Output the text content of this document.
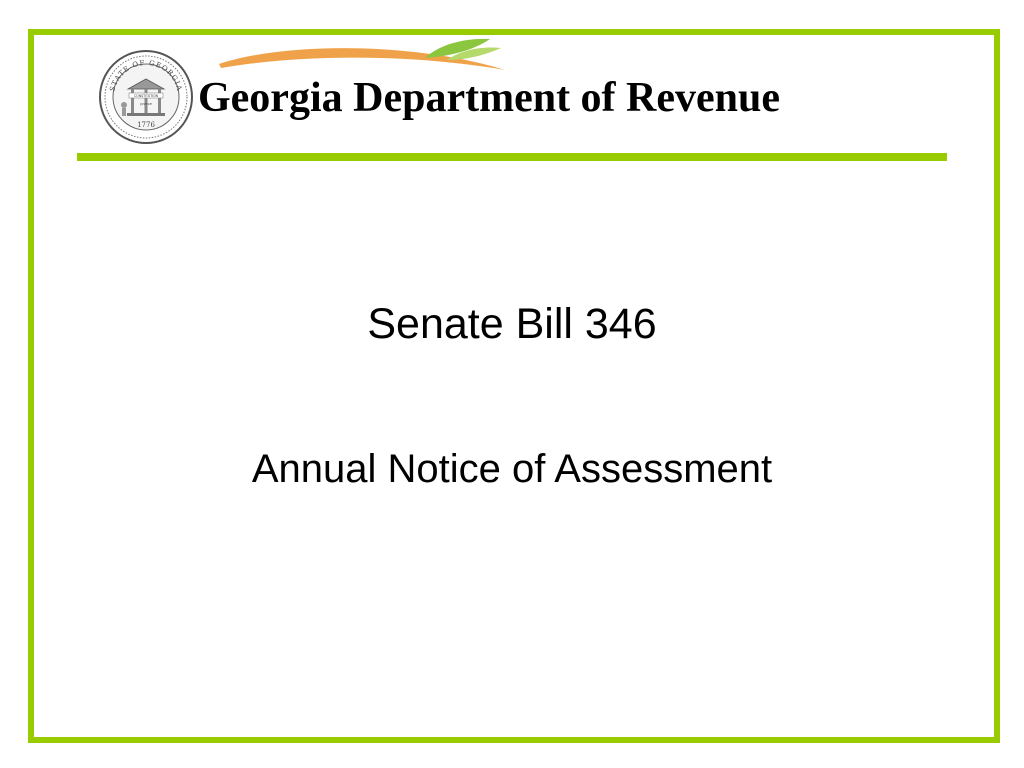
STATE OF GEORGIA
CONSTITUTION
JUSTICE
1776
Georgia Department of Revenue
Senate Bill 346

Annual Notice of Assessment
